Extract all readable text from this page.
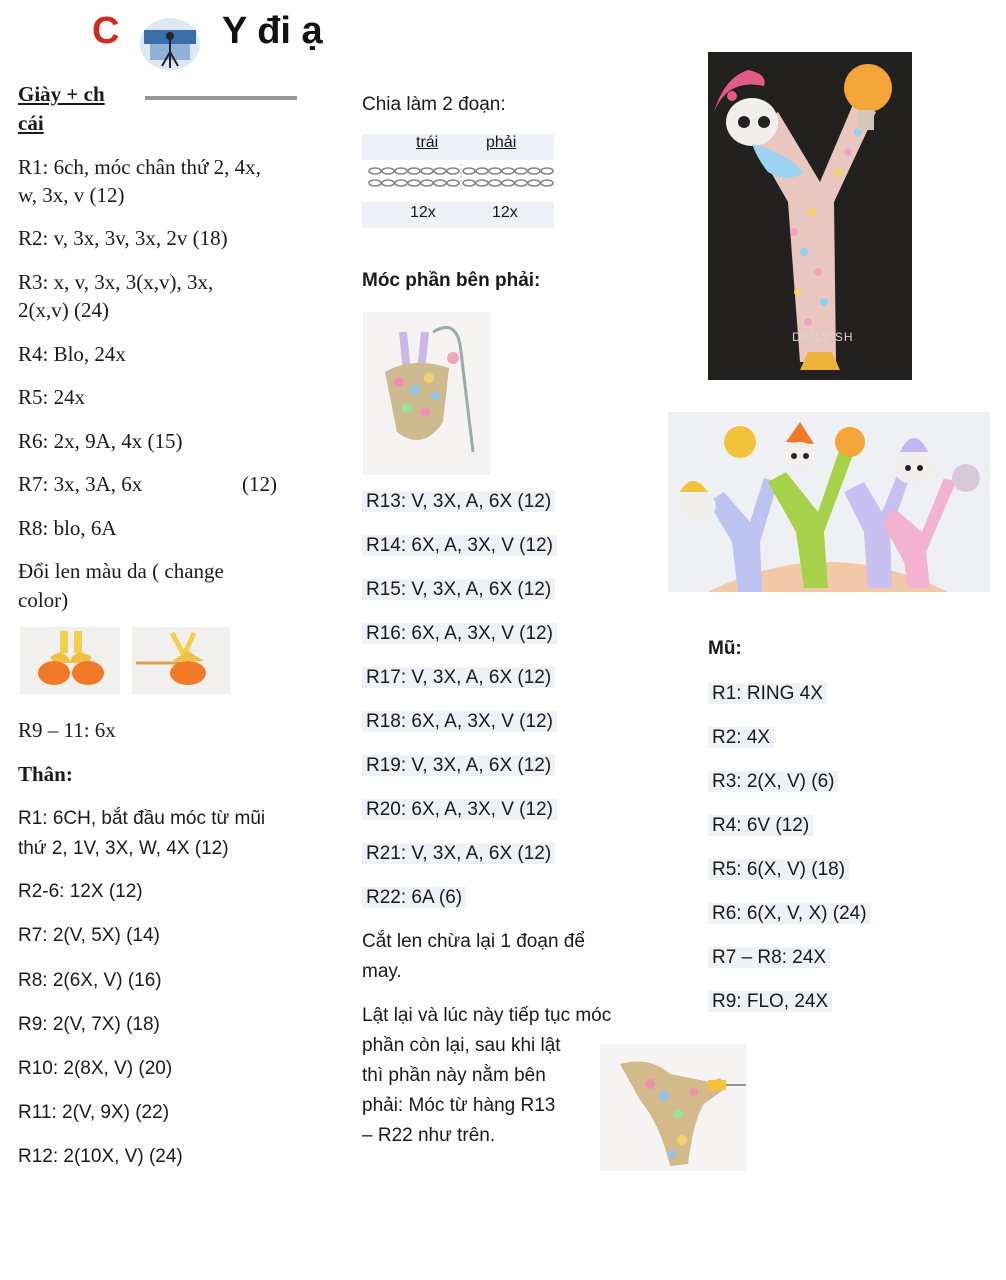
C	Y đi ạ
Giày + ch
cái
R1: 6ch, móc chân thứ 2, 4x,
w, 3x, v (12)
R2: v, 3x, 3v, 3x, 2v (18)
R3: x, v, 3x, 3(x,v), 3x,
2(x,v) (24)
R4: Blo, 24x
R5: 24x
R6: 2x, 9A, 4x (15)
R7: 3x, 3A, 6x	(12)
R8: blo, 6A
Đổi len màu da ( change
color)
R9 – 11: 6x
Thân:
R1: 6CH, bắt đầu móc từ mũi
thứ 2, 1V, 3X, W, 4X (12)
R2-6: 12X (12)
R7: 2(V, 5X) (14)
R8: 2(6X, V) (16)
R9: 2(V, 7X) (18)
R10: 2(8X, V) (20)
R11: 2(V, 9X) (22)
R12: 2(10X, V) (24)
Chia làm 2 đoạn:
trái	phải
12x	12x
Móc phần bên phải:
R13: V, 3X, A, 6X (12)
R14: 6X, A, 3X, V (12)
R15: V, 3X, A, 6X (12)
R16: 6X, A, 3X, V (12)
R17: V, 3X, A, 6X (12)
R18: 6X, A, 3X, V (12)
R19: V, 3X, A, 6X (12)
R20: 6X, A, 3X, V (12)
R21: V, 3X, A, 6X (12)
R22: 6A (6)
Cắt len chừa lại 1 đoạn để
may.
Lật lại và lúc này tiếp tục móc
phần còn lại, sau khi lật
thì phần này nằm bên
phải: Móc từ hàng R13
– R22 như trên.
DAILY SH
Mũ:
R1: RING 4X
R2: 4X
R3: 2(X, V) (6)
R4: 6V (12)
R5: 6(X, V) (18)
R6: 6(X, V, X) (24)
R7 – R8: 24X
R9: FLO, 24X
